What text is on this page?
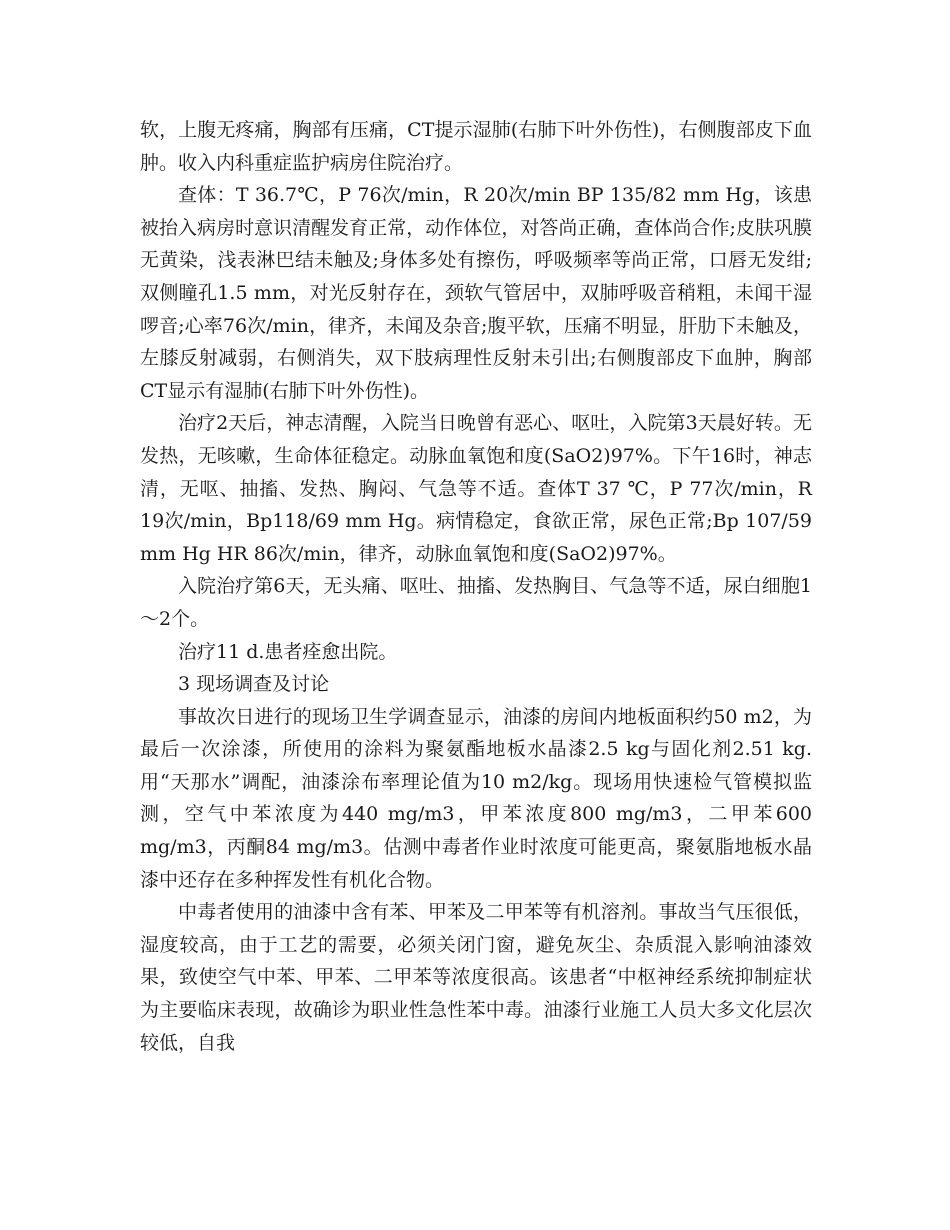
软，上腹无疼痛，胸部有压痛，CT提示湿肺(右肺下叶外伤性)，右侧腹部皮下血肿。收入内科重症监护病房住院治疗。

查体：T 36.7℃，P 76次/min，R 20次/min BP 135/82 mm Hg，该患被抬入病房时意识清醒发育正常，动作体位，对答尚正确，查体尚合作;皮肤巩膜无黄染，浅表淋巴结未触及;身体多处有擦伤，呼吸频率等尚正常，口唇无发绀;双侧瞳孔1.5 mm，对光反射存在，颈软气管居中，双肺呼吸音稍粗，未闻干湿啰音;心率76次/min，律齐，未闻及杂音;腹平软，压痛不明显，肝肋下未触及，左膝反射减弱，右侧消失，双下肢病理性反射未引出;右侧腹部皮下血肿，胸部CT显示有湿肺(右肺下叶外伤性)。

治疗2天后，神志清醒，入院当日晚曾有恶心、呕吐，入院第3天晨好转。无发热，无咳嗽，生命体征稳定。动脉血氧饱和度(SaO2)97%。下午16时，神志清，无呕、抽搐、发热、胸闷、气急等不适。查体T 37 ℃，P 77次/min，R 19次/min，Bp118/69 mm Hg。病情稳定，食欲正常，尿色正常;Bp 107/59 mm Hg HR 86次/min，律齐，动脉血氧饱和度(SaO2)97%。

入院治疗第6天，无头痛、呕吐、抽搐、发热胸目、气急等不适，尿白细胞1～2个。

治疗11 d.患者痊愈出院。

3 现场调查及讨论

事故次日进行的现场卫生学调查显示，油漆的房间内地板面积约50 m2，为最后一次涂漆，所使用的涂料为聚氨酯地板水晶漆2.5 kg与固化剂2.51 kg.用“天那水”调配，油漆涂布率理论值为10 m2/kg。现场用快速检气管模拟监测，空气中苯浓度为440 mg/m3，甲苯浓度800 mg/m3，二甲苯600 mg/m3，丙酮84 mg/m3。估测中毒者作业时浓度可能更高，聚氨脂地板水晶漆中还存在多种挥发性有机化合物。

中毒者使用的油漆中含有苯、甲苯及二甲苯等有机溶剂。事故当气压很低，湿度较高，由于工艺的需要，必须关闭门窗，避免灰尘、杂质混入影响油漆效果，致使空气中苯、甲苯、二甲苯等浓度很高。该患者“中枢神经系统抑制症状为主要临床表现，故确诊为职业性急性苯中毒。油漆行业施工人员大多文化层次较低，自我
